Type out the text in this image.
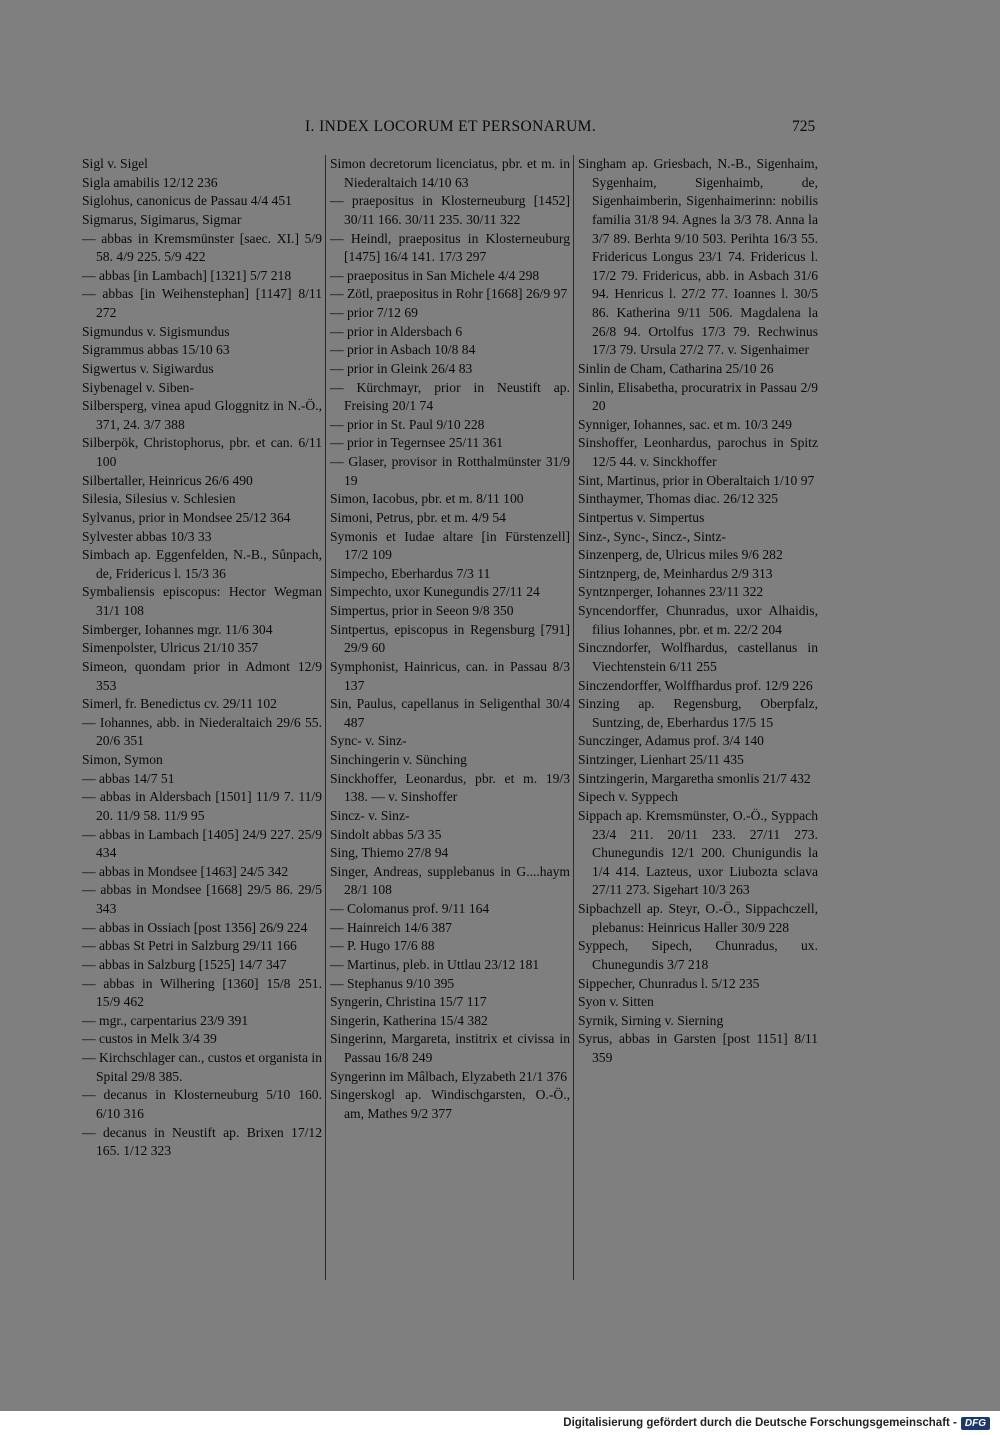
I. INDEX LOCORUM ET PERSONARUM.	725

Sigl v. Sigel

Sigla amabilis 12/12 236

Siglohus, canonicus de Passau 4/4 451

Sigmarus, Sigimarus, Sigmar

— abbas in Kremsmünster [saec. XI.] 5/9 58. 4/9 225. 5/9 422

— abbas [in Lambach] [1321] 5/7 218

— abbas [in Weihenstephan] [1147] 8/11 272

Sigmundus v. Sigismundus

Sigrammus abbas 15/10 63

Sigwertus v. Sigiwardus

Siybenagel v. Siben-

Silbersperg, vinea apud Gloggnitz in N.-Ö., 371, 24. 3/7 388

Silberpök, Christophorus, pbr. et can. 6/11 100

Silbertaller, Heinricus 26/6 490

Silesia, Silesius v. Schlesien

Sylvanus, prior in Mondsee 25/12 364

Sylvester abbas 10/3 33

Simbach ap. Eggenfelden, N.-B., Sûnpach, de, Fridericus l. 15/3 36

Symbaliensis episcopus: Hector Wegman 31/1 108

Simberger, Iohannes mgr. 11/6 304

Simenpolster, Ulricus 21/10 357

Simeon, quondam prior in Admont 12/9 353

Simerl, fr. Benedictus cv. 29/11 102

— Iohannes, abb. in Niederaltaich 29/6 55. 20/6 351

Simon, Symon

— abbas 14/7 51

— abbas in Aldersbach [1501] 11/9 7. 11/9 20. 11/9 58. 11/9 95

— abbas in Lambach [1405] 24/9 227. 25/9 434

— abbas in Mondsee [1463] 24/5 342

— abbas in Mondsee [1668] 29/5 86. 29/5 343

— abbas in Ossiach [post 1356] 26/9 224

— abbas St Petri in Salzburg 29/11 166

— abbas in Salzburg [1525] 14/7 347

— abbas in Wilhering [1360] 15/8 251. 15/9 462

— mgr., carpentarius 23/9 391

— custos in Melk 3/4 39

— Kirchschlager can., custos et organista in Spital 29/8 385.

— decanus in Klosterneuburg 5/10 160. 6/10 316

— decanus in Neustift ap. Brixen 17/12 165. 1/12 323

Simon decretorum licenciatus, pbr. et m. in Niederaltaich 14/10 63

— praepositus in Klosterneuburg [1452] 30/11 166. 30/11 235. 30/11 322

— Heindl, praepositus in Klosterneuburg [1475] 16/4 141. 17/3 297

— praepositus in San Michele 4/4 298

— Zötl, praepositus in Rohr [1668] 26/9 97

— prior 7/12 69

— prior in Aldersbach 6

— prior in Asbach 10/8 84

— prior in Gleink 26/4 83

— Kürchmayr, prior in Neustift ap. Freising 20/1 74

— prior in St. Paul 9/10 228

— prior in Tegernsee 25/11 361

— Glaser, provisor in Rotthalmünster 31/9 19

Simon, Iacobus, pbr. et m. 8/11 100

Simoni, Petrus, pbr. et m. 4/9 54

Symonis et Iudae altare [in Fürstenzell] 17/2 109

Simpecho, Eberhardus 7/3 11

Simpechto, uxor Kunegundis 27/11 24

Simpertus, prior in Seeon 9/8 350

Sintpertus, episcopus in Regensburg [791] 29/9 60

Symphonist, Hainricus, can. in Passau 8/3 137

Sin, Paulus, capellanus in Seligenthal 30/4 487

Sync- v. Sinz-

Sinchingerin v. Sünching

Sinckhoffer, Leonardus, pbr. et m. 19/3 138. — v. Sinshoffer

Sincz- v. Sinz-

Sindolt abbas 5/3 35

Sing, Thiemo 27/8 94

Singer, Andreas, supplebanus in G....haym 28/1 108

— Colomanus prof. 9/11 164

— Hainreich 14/6 387

— P. Hugo 17/6 88

— Martinus, pleb. in Uttlau 23/12 181

— Stephanus 9/10 395

Syngerin, Christina 15/7 117

Singerin, Katherina 15/4 382

Singerinn, Margareta, institrix et civissa in Passau 16/8 249

Syngerinn im Mâlbach, Elyzabeth 21/1 376

Singerskogl ap. Windischgarsten, O.-Ö., am, Mathes 9/2 377

Singham ap. Griesbach, N.-B., Sigenhaim, Sygenhaim, Sigenhaimb, de, Sigenhaimberin, Sigenhaimerinn: nobilis familia 31/8 94. Agnes la 3/3 78. Anna la 3/7 89. Berhta 9/10 503. Perihta 16/3 55. Fridericus Longus 23/1 74. Fridericus l. 17/2 79. Fridericus, abb. in Asbach 31/6 94. Henricus l. 27/2 77. Ioannes l. 30/5 86. Katherina 9/11 506. Magdalena la 26/8 94. Ortolfus 17/3 79. Rechwinus 17/3 79. Ursula 27/2 77. v. Sigenhaimer

Sinlin de Cham, Catharina 25/10 26

Sinlin, Elisabetha, procuratrix in Passau 2/9 20

Synniger, Iohannes, sac. et m. 10/3 249

Sinshoffer, Leonhardus, parochus in Spitz 12/5 44. v. Sinckhoffer

Sint, Martinus, prior in Oberaltaich 1/10 97

Sinthaymer, Thomas diac. 26/12 325

Sintpertus v. Simpertus

Sinz-, Sync-, Sincz-, Sintz-

Sinzenperg, de, Ulricus miles 9/6 282

Sintznperg, de, Meinhardus 2/9 313

Syntznperger, Iohannes 23/11 322

Syncendorffer, Chunradus, uxor Alhaidis, filius Iohannes, pbr. et m. 22/2 204

Sinczndorfer, Wolfhardus, castellanus in Viechtenstein 6/11 255

Sinczendorffer, Wolffhardus prof. 12/9 226

Sinzing ap. Regensburg, Oberpfalz, Suntzing, de, Eberhardus 17/5 15

Sunczinger, Adamus prof. 3/4 140

Sintzinger, Lienhart 25/11 435

Sintzingerin, Margaretha smonlis 21/7 432

Sipech v. Syppech

Sippach ap. Kremsmünster, O.-Ö., Syppach 23/4 211. 20/11 233. 27/11 273. Chunegundis 12/1 200. Chunigundis la 1/4 414. Lazteus, uxor Liubozta sclava 27/11 273. Sigehart 10/3 263

Sipbachzell ap. Steyr, O.-Ö., Sippachczell, plebanus: Heinricus Haller 30/9 228

Syppech, Sipech, Chunradus, ux. Chunegundis 3/7 218

Sippecher, Chunradus l. 5/12 235

Syon v. Sitten

Syrnik, Sirning v. Sierning

Syrus, abbas in Garsten [post 1151] 8/11 359

Digitalisierung gefördert durch die Deutsche Forschungsgemeinschaft - DFG
